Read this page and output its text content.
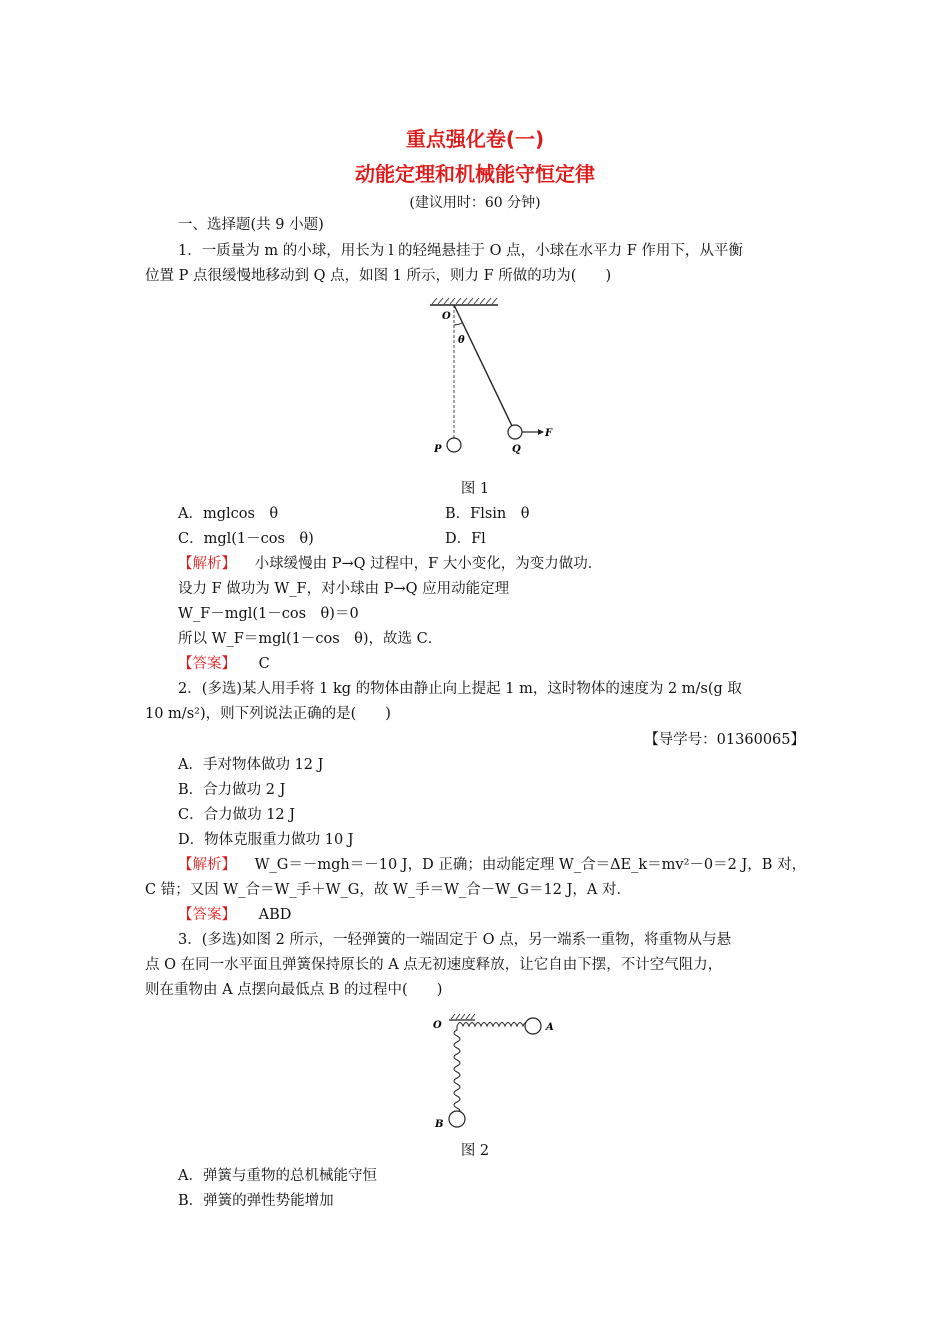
重点强化卷(一)
动能定理和机械能守恒定律
(建议用时：60 分钟)
一、选择题(共 9 小题)
1．一质量为 m 的小球，用长为 l 的轻绳悬挂于 O 点，小球在水平力 F 作用下，从平衡
位置 P 点很缓慢地移动到 Q 点，如图 1 所示，则力 F 所做的功为(　　)
O
θ
P	Q
F
图 1
A．mglcos　θ	B．Flsin　θ
C．mgl(1－cos　θ)	D．Fl
【解析】 小球缓慢由 P→Q 过程中，F 大小变化，为变力做功．
设力 F 做功为 W_F，对小球由 P→Q 应用动能定理
W_F－mgl(1－cos　θ)＝0
所以 W_F＝mgl(1－cos　θ)，故选 C．
【答案】 C
2．(多选)某人用手将 1 kg 的物体由静止向上提起 1 m，这时物体的速度为 2 m/s(g 取
10 m/s²)，则下列说法正确的是(　　)
【导学号：01360065】
A．手对物体做功 12 J
B．合力做功 2 J
C．合力做功 12 J
D．物体克服重力做功 10 J
【解析】 W_G＝－mgh＝－10 J，D 正确；由动能定理 W_合＝ΔE_k＝mv²－0＝2 J，B 对，
C 错；又因 W_合＝W_手＋W_G，故 W_手＝W_合－W_G＝12 J，A 对．
【答案】 ABD
3．(多选)如图 2 所示，一轻弹簧的一端固定于 O 点，另一端系一重物，将重物从与悬
点 O 在同一水平面且弹簧保持原长的 A 点无初速度释放，让它自由下摆，不计空气阻力，
则在重物由 A 点摆向最低点 B 的过程中(　　)
O	A
B
图 2
A．弹簧与重物的总机械能守恒
B．弹簧的弹性势能增加
